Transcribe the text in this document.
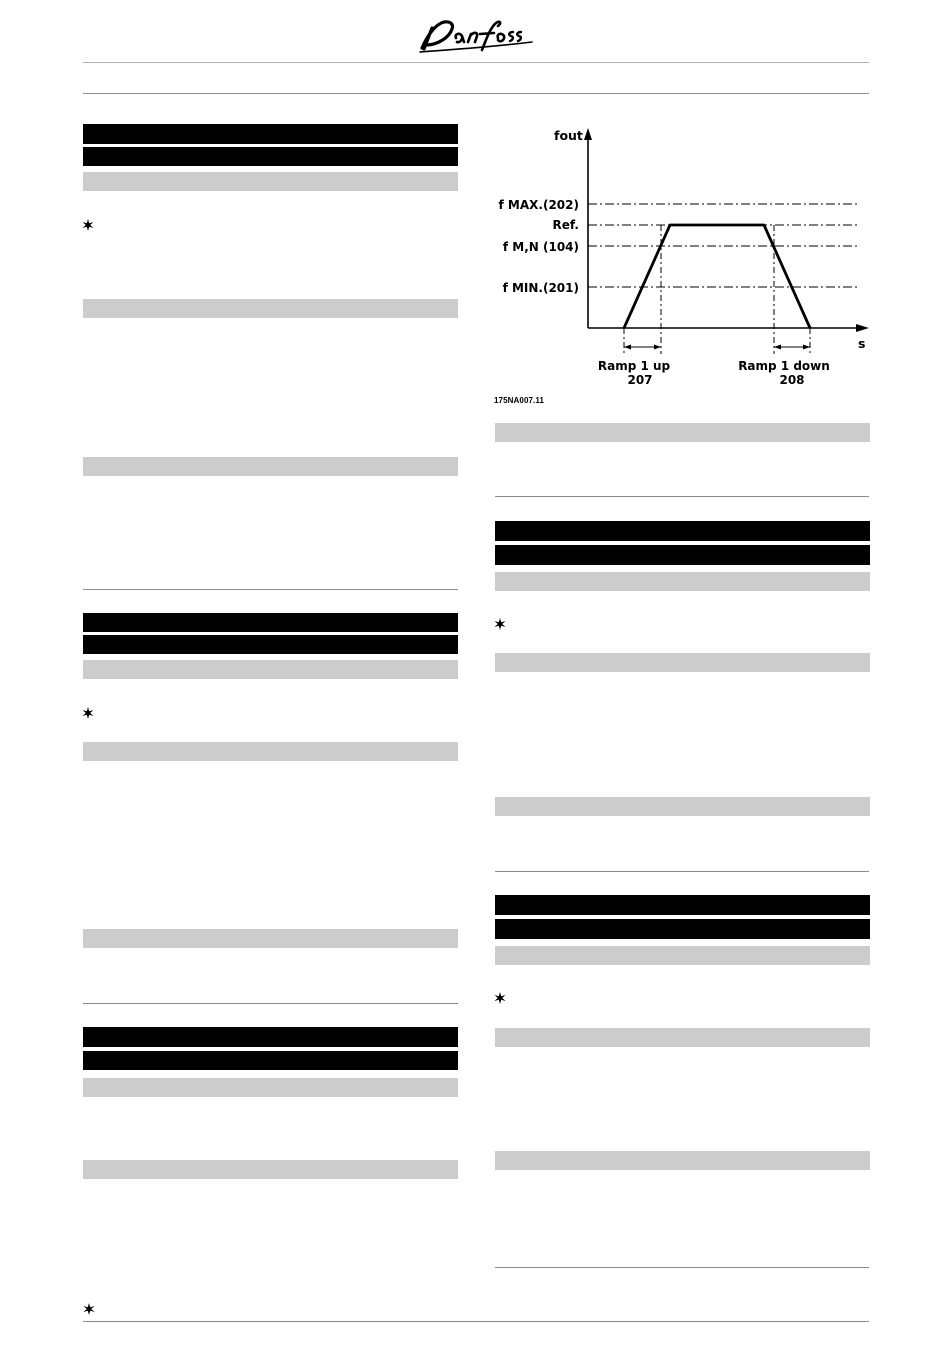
fout
s
f MAX.(202)
Ref.
f M,N (104)
f MIN.(201)
Ramp 1 up
207
Ramp 1 down
208
175NA007.11
